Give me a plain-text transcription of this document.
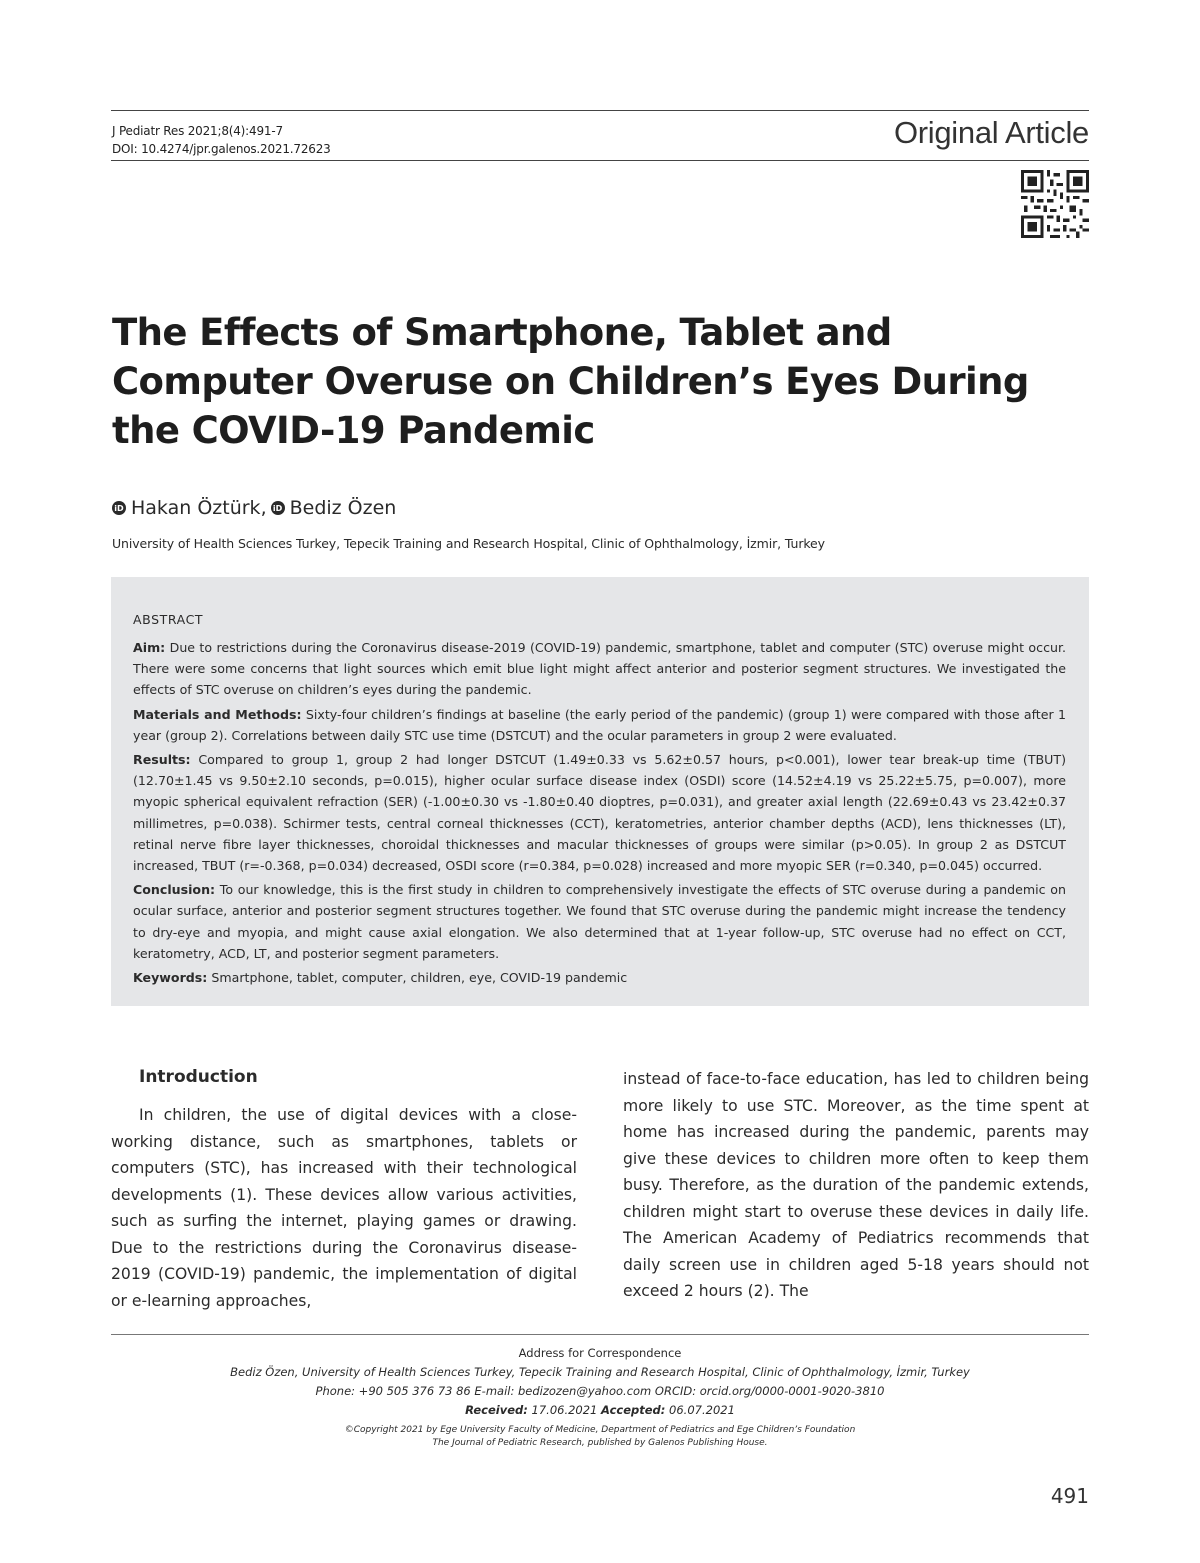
J Pediatr Res 2021;8(4):491-7
DOI: 10.4274/jpr.galenos.2021.72623	Original Article
The Effects of Smartphone, Tablet and Computer Overuse on Children’s Eyes During the COVID-19 Pandemic
iD Hakan Öztürk , iD Bediz Özen
University of Health Sciences Turkey, Tepecik Training and Research Hospital, Clinic of Ophthalmology, İzmir, Turkey
ABSTRACT

Aim: Due to restrictions during the Coronavirus disease-2019 (COVID-19) pandemic, smartphone, tablet and computer (STC) overuse might occur. There were some concerns that light sources which emit blue light might affect anterior and posterior segment structures. We investigated the effects of STC overuse on children’s eyes during the pandemic.

Materials and Methods: Sixty-four children’s findings at baseline (the early period of the pandemic) (group 1) were compared with those after 1 year (group 2). Correlations between daily STC use time (DSTCUT) and the ocular parameters in group 2 were evaluated.

Results: Compared to group 1, group 2 had longer DSTCUT (1.49±0.33 vs 5.62±0.57 hours, p<0.001), lower tear break-up time (TBUT) (12.70±1.45 vs 9.50±2.10 seconds, p=0.015), higher ocular surface disease index (OSDI) score (14.52±4.19 vs 25.22±5.75, p=0.007), more myopic spherical equivalent refraction (SER) (-1.00±0.30 vs -1.80±0.40 dioptres, p=0.031), and greater axial length (22.69±0.43 vs 23.42±0.37 millimetres, p=0.038). Schirmer tests, central corneal thicknesses (CCT), keratometries, anterior chamber depths (ACD), lens thicknesses (LT), retinal nerve fibre layer thicknesses, choroidal thicknesses and macular thicknesses of groups were similar (p>0.05). In group 2 as DSTCUT increased, TBUT (r=-0.368, p=0.034) decreased, OSDI score (r=0.384, p=0.028) increased and more myopic SER (r=0.340, p=0.045) occurred.

Conclusion: To our knowledge, this is the first study in children to comprehensively investigate the effects of STC overuse during a pandemic on ocular surface, anterior and posterior segment structures together. We found that STC overuse during the pandemic might increase the tendency to dry-eye and myopia, and might cause axial elongation. We also determined that at 1-year follow-up, STC overuse had no effect on CCT, keratometry, ACD, LT, and posterior segment parameters.

Keywords: Smartphone, tablet, computer, children, eye, COVID-19 pandemic

Introduction

In children, the use of digital devices with a close-working distance, such as smartphones, tablets or computers (STC), has increased with their technological developments (1). These devices allow various activities, such as surfing the internet, playing games or drawing. Due to the restrictions during the Coronavirus disease-2019 (COVID-19) pandemic, the implementation of digital or e-learning approaches,

instead of face-to-face education, has led to children being more likely to use STC. Moreover, as the time spent at home has increased during the pandemic, parents may give these devices to children more often to keep them busy. Therefore, as the duration of the pandemic extends, children might start to overuse these devices in daily life. The American Academy of Pediatrics recommends that daily screen use in children aged 5-18 years should not exceed 2 hours (2). The

Address for Correspondence
Bediz Özen, University of Health Sciences Turkey, Tepecik Training and Research Hospital, Clinic of Ophthalmology, İzmir, Turkey
Phone: +90 505 376 73 86 E-mail: bedizozen@yahoo.com ORCID: orcid.org/0000-0001-9020-3810
Received: 17.06.2021 Accepted: 06.07.2021
©Copyright 2021 by Ege University Faculty of Medicine, Department of Pediatrics and Ege Children’s Foundation
The Journal of Pediatric Research, published by Galenos Publishing House.
491
